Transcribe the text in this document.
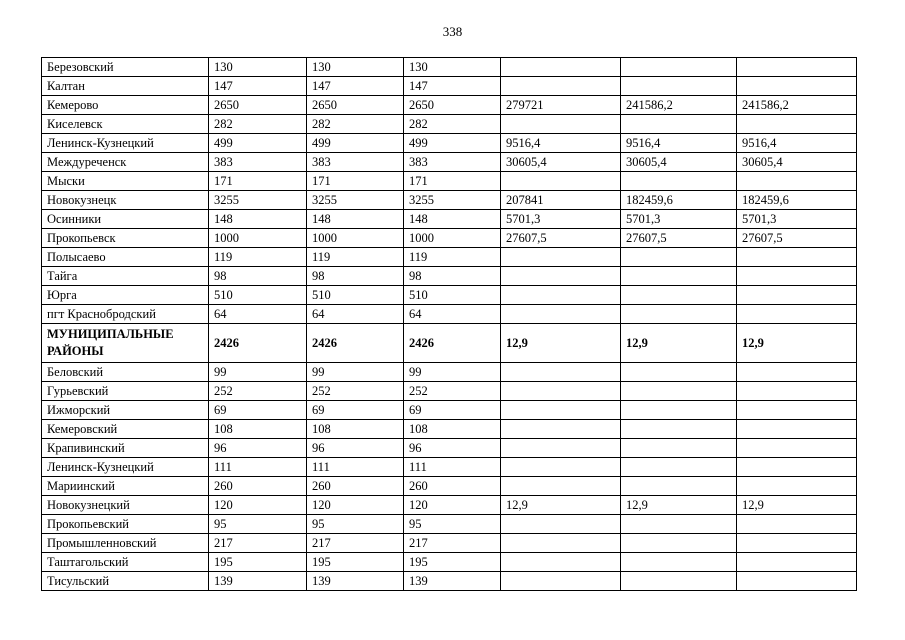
338
Березовский	130	130	130			
Калтан	147	147	147			
Кемерово	2650	2650	2650	279721	241586,2	241586,2
Киселевск	282	282	282			
Ленинск-Кузнецкий	499	499	499	9516,4	9516,4	9516,4
Междуреченск	383	383	383	30605,4	30605,4	30605,4
Мыски	171	171	171			
Новокузнецк	3255	3255	3255	207841	182459,6	182459,6
Осинники	148	148	148	5701,3	5701,3	5701,3
Прокопьевск	1000	1000	1000	27607,5	27607,5	27607,5
Полысаево	119	119	119			
Тайга	98	98	98			
Юрга	510	510	510			
пгт Краснобродский	64	64	64			
МУНИЦИПАЛЬНЫЕ РАЙОНЫ	2426	2426	2426	12,9	12,9	12,9
Беловский	99	99	99			
Гурьевский	252	252	252			
Ижморский	69	69	69			
Кемеровский	108	108	108			
Крапивинский	96	96	96			
Ленинск-Кузнецкий	111	111	111			
Мариинский	260	260	260			
Новокузнецкий	120	120	120	12,9	12,9	12,9
Прокопьевский	95	95	95			
Промышленновский	217	217	217			
Таштагольский	195	195	195			
Тисульский	139	139	139			
